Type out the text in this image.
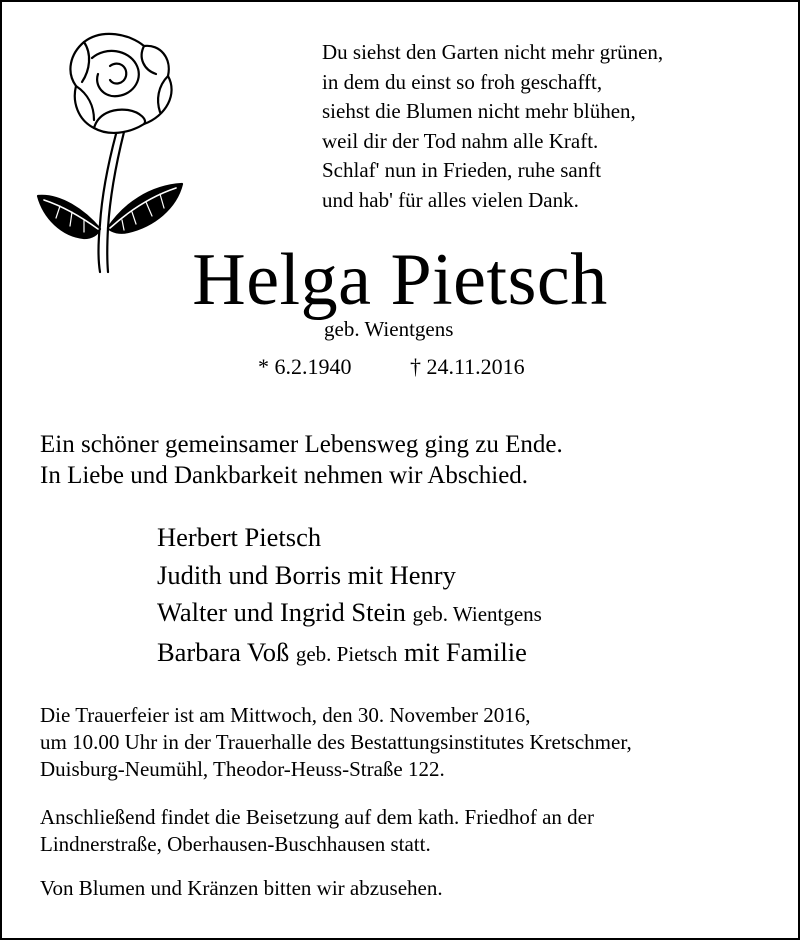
Du siehst den Garten nicht mehr grünen,
in dem du einst so froh geschafft,
siehst die Blumen nicht mehr blühen,
weil dir der Tod nahm alle Kraft.
Schlaf' nun in Frieden, ruhe sanft
und hab' für alles vielen Dank.
Helga Pietsch
geb. Wientgens
* 6.2.1940	† 24.11.2016
Ein schöner gemeinsamer Lebensweg ging zu Ende.
In Liebe und Dankbarkeit nehmen wir Abschied.
Herbert Pietsch
Judith und Borris mit Henry
Walter und Ingrid Stein geb. Wientgens
Barbara Voß geb. Pietsch mit Familie
Die Trauerfeier ist am Mittwoch, den 30. November 2016,
um 10.00 Uhr in der Trauerhalle des Bestattungsinstitutes Kretschmer,
Duisburg-Neumühl, Theodor-Heuss-Straße 122.
Anschließend findet die Beisetzung auf dem kath. Friedhof an der
Lindnerstraße, Oberhausen-Buschhausen statt.
Von Blumen und Kränzen bitten wir abzusehen.
